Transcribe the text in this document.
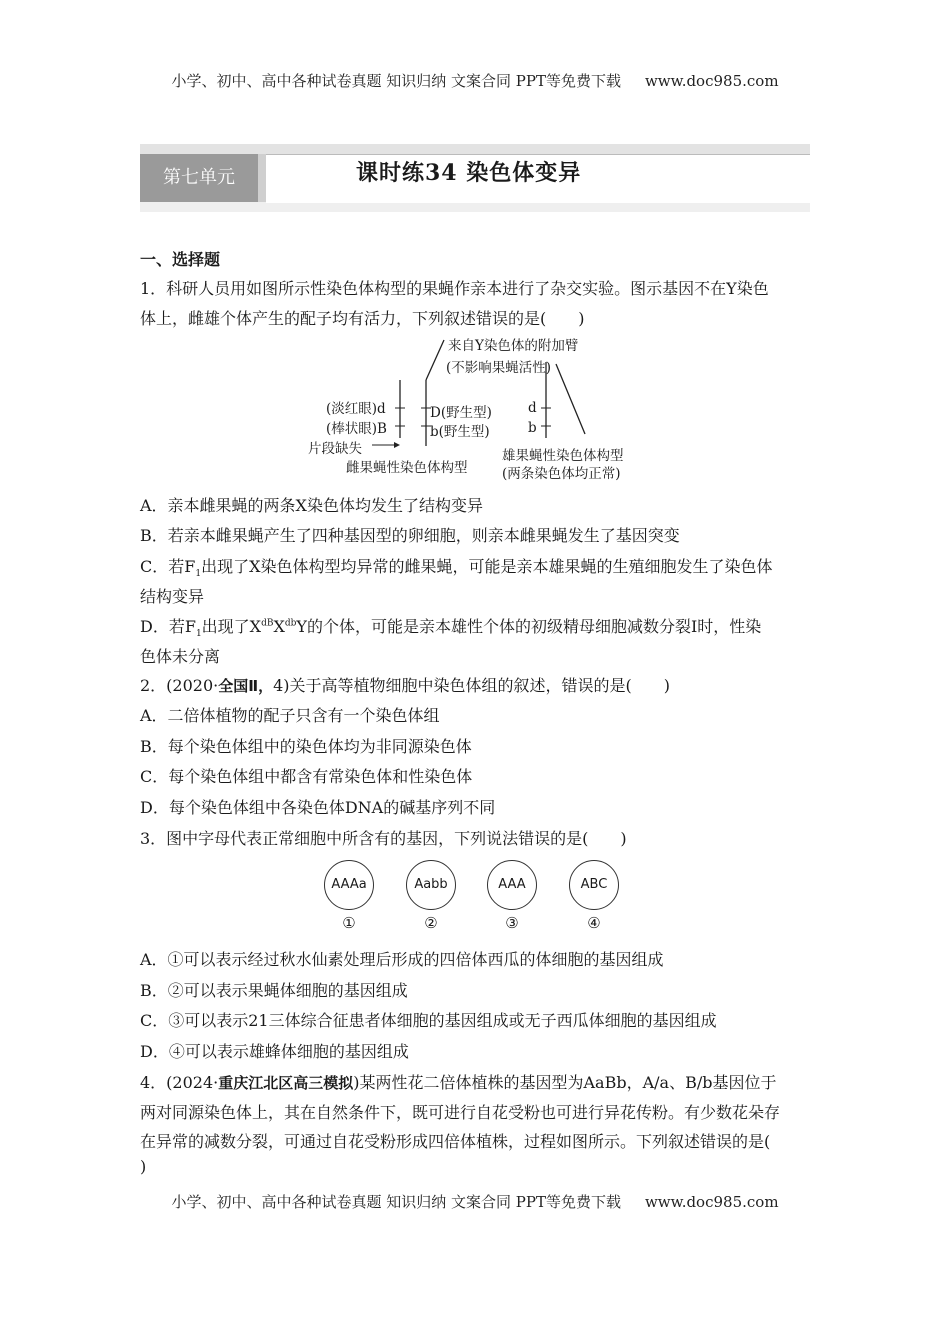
小学、初中、高中各种试卷真题 知识归纳 文案合同 PPT等免费下载 www.doc985.com
第七单元	课时练34 染色体变异
一、选择题
1．科研人员用如图所示性染色体构型的果蝇作亲本进行了杂交实验。图示基因不在Y染色
体上，雌雄个体产生的配子均有活力，下列叙述错误的是(　　)
来自Y染色体的附加臂
(不影响果蝇活性)
(淡红眼)d
(棒状眼)B
D(野生型)
b(野生型)
片段缺失
d
b
雌果蝇性染色体构型
雄果蝇性染色体构型
(两条染色体均正常)
A．亲本雌果蝇的两条X染色体均发生了结构变异
B．若亲本雌果蝇产生了四种基因型的卵细胞，则亲本雌果蝇发生了基因突变
C．若$F_1$出现了X染色体构型均异常的雌果蝇，可能是亲本雄果蝇的生殖细胞发生了染色体
结构变异
D．若$F_1$出现了$X^{dB}X^{db}Y$的个体，可能是亲本雄性个体的初级精母细胞减数分裂Ⅰ时，性染
色体未分离
2．(2020·全国Ⅱ，4)关于高等植物细胞中染色体组的叙述，错误的是(　　)
A．二倍体植物的配子只含有一个染色体组
B．每个染色体组中的染色体均为非同源染色体
C．每个染色体组中都含有常染色体和性染色体
D．每个染色体组中各染色体DNA的碱基序列不同
3．图中字母代表正常细胞中所含有的基因，下列说法错误的是(　　)
AAAa
①
Aabb
②
AAA
③
ABC
④
A．①可以表示经过秋水仙素处理后形成的四倍体西瓜的体细胞的基因组成
B．②可以表示果蝇体细胞的基因组成
C．③可以表示21三体综合征患者体细胞的基因组成或无子西瓜体细胞的基因组成
D．④可以表示雄蜂体细胞的基因组成
4．(2024·重庆江北区高三模拟)某两性花二倍体植株的基因型为AaBb，A/a、B/b基因位于
两对同源染色体上，其在自然条件下，既可进行自花受粉也可进行异花传粉。有少数花朵存
在异常的减数分裂，可通过自花受粉形成四倍体植株，过程如图所示。下列叙述错误的是(
)
小学、初中、高中各种试卷真题 知识归纳 文案合同 PPT等免费下载 www.doc985.com
